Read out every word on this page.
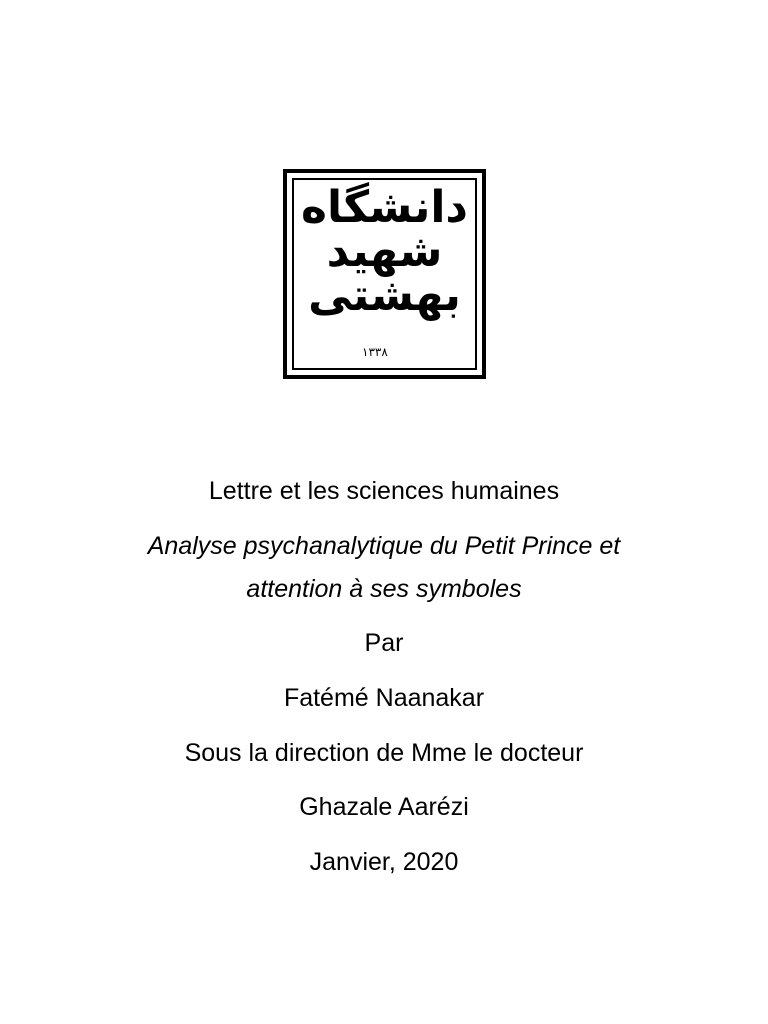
دانشگاه
شهید
بهشتی
۱۳۳۸
Lettre et les sciences humaines
Analyse psychanalytique du Petit Prince et
attention à ses symboles
Par
Fatémé Naanakar
Sous la direction de Mme le docteur
Ghazale Aarézi
Janvier, 2020
